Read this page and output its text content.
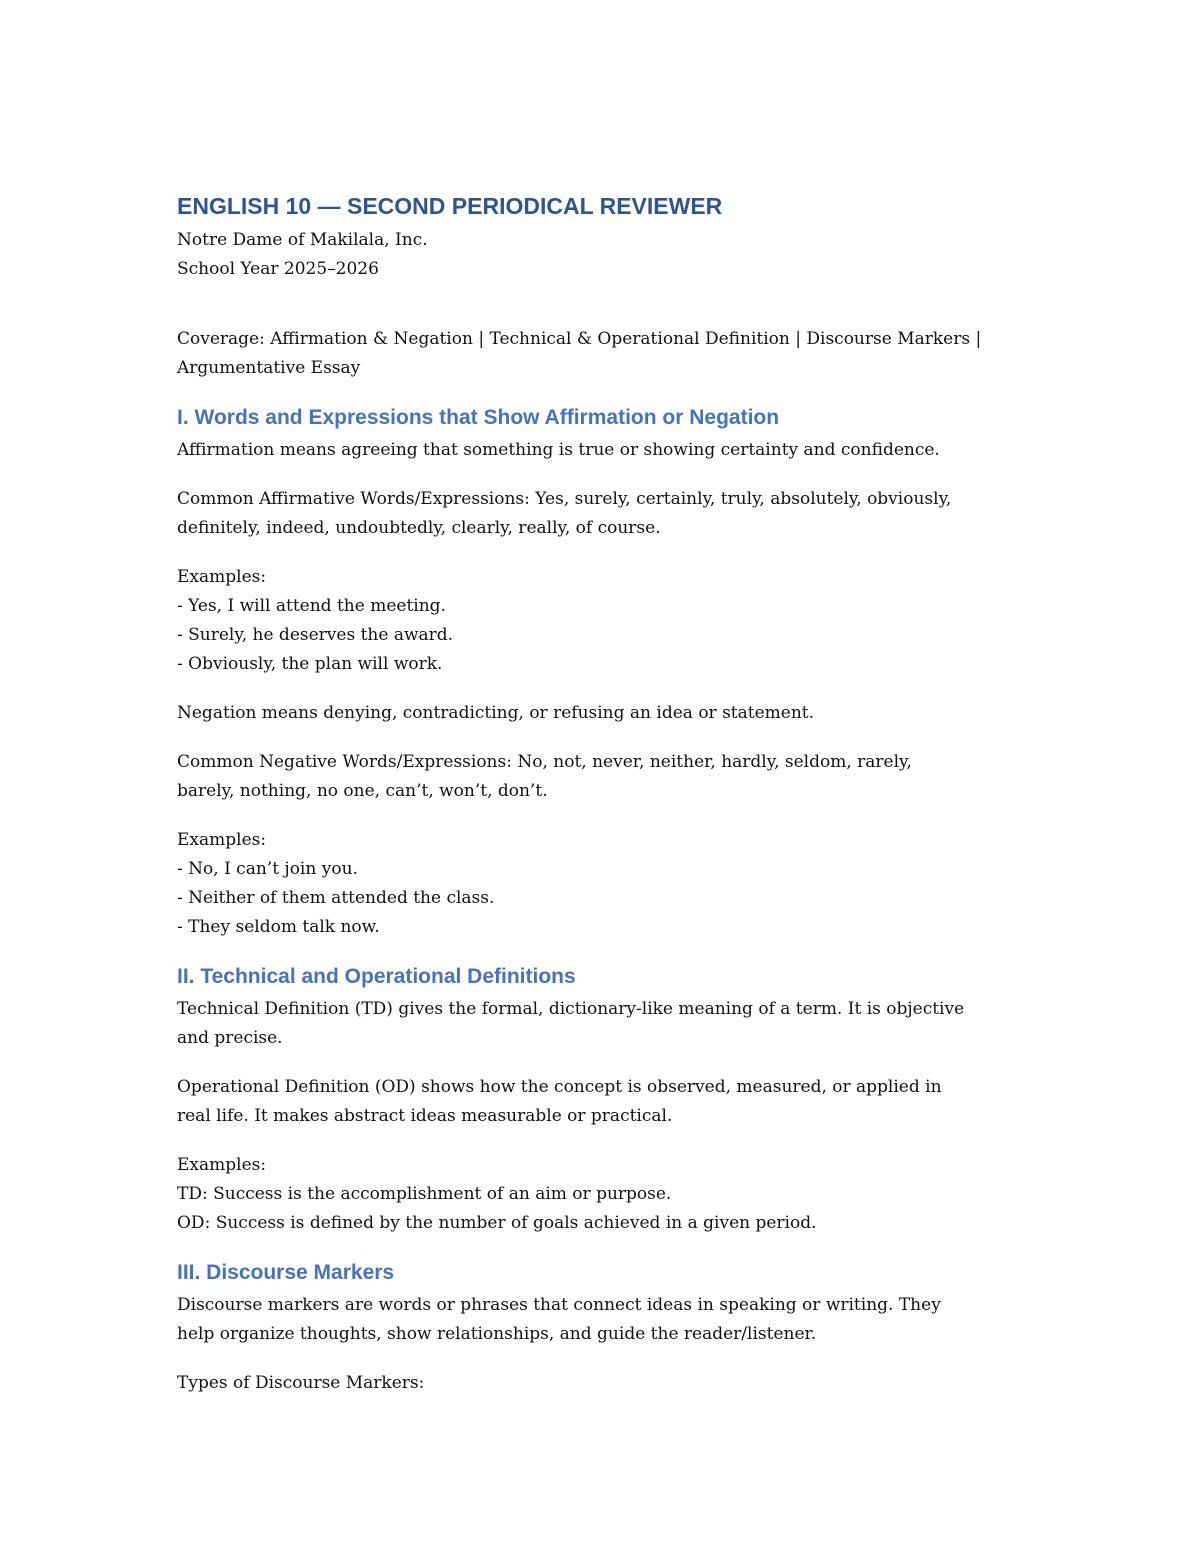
ENGLISH 10 — SECOND PERIODICAL REVIEWER
Notre Dame of Makilala, Inc.
School Year 2025–2026
Coverage: Affirmation & Negation | Technical & Operational Definition | Discourse Markers |
Argumentative Essay
I. Words and Expressions that Show Affirmation or Negation
Affirmation means agreeing that something is true or showing certainty and confidence.
Common Affirmative Words/Expressions: Yes, surely, certainly, truly, absolutely, obviously,
definitely, indeed, undoubtedly, clearly, really, of course.
Examples:
- Yes, I will attend the meeting.
- Surely, he deserves the award.
- Obviously, the plan will work.
Negation means denying, contradicting, or refusing an idea or statement.
Common Negative Words/Expressions: No, not, never, neither, hardly, seldom, rarely,
barely, nothing, no one, can’t, won’t, don’t.
Examples:
- No, I can’t join you.
- Neither of them attended the class.
- They seldom talk now.
II. Technical and Operational Definitions
Technical Definition (TD) gives the formal, dictionary-like meaning of a term. It is objective
and precise.
Operational Definition (OD) shows how the concept is observed, measured, or applied in
real life. It makes abstract ideas measurable or practical.
Examples:
TD: Success is the accomplishment of an aim or purpose.
OD: Success is defined by the number of goals achieved in a given period.
III. Discourse Markers
Discourse markers are words or phrases that connect ideas in speaking or writing. They
help organize thoughts, show relationships, and guide the reader/listener.
Types of Discourse Markers:
